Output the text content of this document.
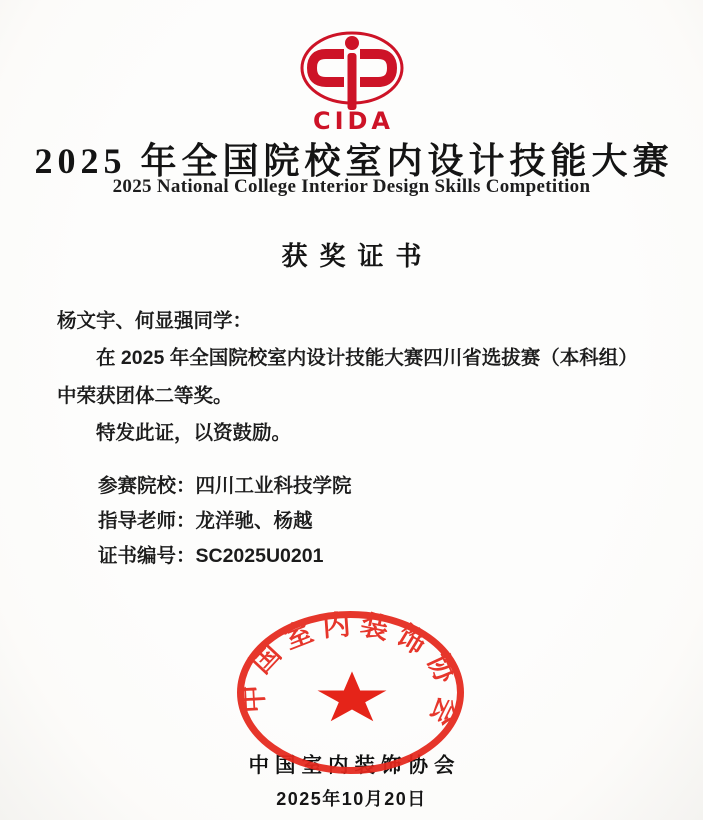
CIDA
2025 年全国院校室内设计技能大赛
2025 National College Interior Design Skills Competition
获奖证书
杨文宇、何显强同学：
在 2025 年全国院校室内设计技能大赛四川省选拔赛（本科组）
中荣获团体二等奖。
特发此证，以资鼓励。
参赛院校：四川工业科技学院
指导老师：龙洋驰、杨越
证书编号：SC2025U0201
中国室内装饰协会
2025年10月20日
中国室内装饰协会
